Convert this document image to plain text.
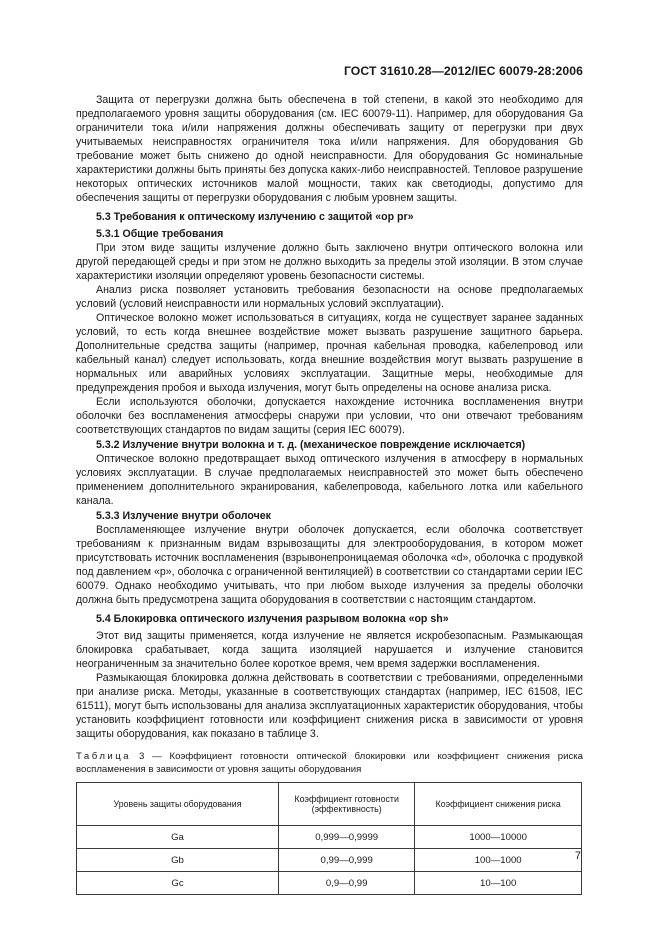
ГОСТ 31610.28—2012/IEC 60079-28:2006

Защита от перегрузки должна быть обеспечена в той степени, в какой это необходимо для предполагаемого уровня защиты оборудования (см. IEC 60079-11). Например, для оборудования Ga ограничители тока и/или напряжения должны обеспечивать защиту от перегрузки при двух учитываемых неисправностях ограничителя тока и/или напряжения. Для оборудования Gb требование может быть снижено до одной неисправности. Для оборудования Gc номинальные характеристики должны быть приняты без допуска каких-либо неисправностей. Тепловое разрушение некоторых оптических источников малой мощности, таких как светодиоды, допустимо для обеспечения защиты от перегрузки оборудования с любым уровнем защиты.

5.3 Требования к оптическому излучению с защитой «op pr»
5.3.1 Общие требования

При этом виде защиты излучение должно быть заключено внутри оптического волокна или другой передающей среды и при этом не должно выходить за пределы этой изоляции. В этом случае характеристики изоляции определяют уровень безопасности системы.

Анализ риска позволяет установить требования безопасности на основе предполагаемых условий (условий неисправности или нормальных условий эксплуатации).

Оптическое волокно может использоваться в ситуациях, когда не существует заранее заданных условий, то есть когда внешнее воздействие может вызвать разрушение защитного барьера. Дополнительные средства защиты (например, прочная кабельная проводка, кабелепровод или кабельный канал) следует использовать, когда внешние воздействия могут вызвать разрушение в нормальных или аварийных условиях эксплуатации. Защитные меры, необходимые для предупреждения пробоя и выхода излучения, могут быть определены на основе анализа риска.

Если используются оболочки, допускается нахождение источника воспламенения внутри оболочки без воспламенения атмосферы снаружи при условии, что они отвечают требованиям соответствующих стандартов по видам защиты (серия IEC 60079).

5.3.2 Излучение внутри волокна и т. д. (механическое повреждение исключается)

Оптическое волокно предотвращает выход оптического излучения в атмосферу в нормальных условиях эксплуатации. В случае предполагаемых неисправностей это может быть обеспечено применением дополнительного экранирования, кабелепровода, кабельного лотка или кабельного канала.

5.3.3 Излучение внутри оболочек

Воспламеняющее излучение внутри оболочек допускается, если оболочка соответствует требованиям к признанным видам взрывозащиты для электрооборудования, в котором может присутствовать источник воспламенения (взрывонепроницаемая оболочка «d», оболочка с продувкой под давлением «p», оболочка с ограниченной вентиляцией) в соответствии со стандартами серии IEC 60079. Однако необходимо учитывать, что при любом выходе излучения за пределы оболочки должна быть предусмотрена защита оборудования в соответствии с настоящим стандартом.

5.4 Блокировка оптического излучения разрывом волокна «op sh»

Этот вид защиты применяется, когда излучение не является искробезопасным. Размыкающая блокировка срабатывает, когда защита изоляцией нарушается и излучение становится неограниченным за значительно более короткое время, чем время задержки воспламенения.

Размыкающая блокировка должна действовать в соответствии с требованиями, определенными при анализе риска. Методы, указанные в соответствующих стандартах (например, IEC 61508, IEC 61511), могут быть использованы для анализа эксплуатационных характеристик оборудования, чтобы установить коэффициент готовности или коэффициент снижения риска в зависимости от уровня защиты оборудования, как показано в таблице 3.

Таблица 3 — Коэффициент готовности оптической блокировки или коэффициент снижения риска воспламенения в зависимости от уровня защиты оборудования
Уровень защиты оборудования	Коэффициент готовности (эффективность)	Коэффициент снижения риска
Ga	0,999—0,9999	1000—10000
Gb	0,99—0,999	100—1000
Gc	0,9—0,99	10—100
7
